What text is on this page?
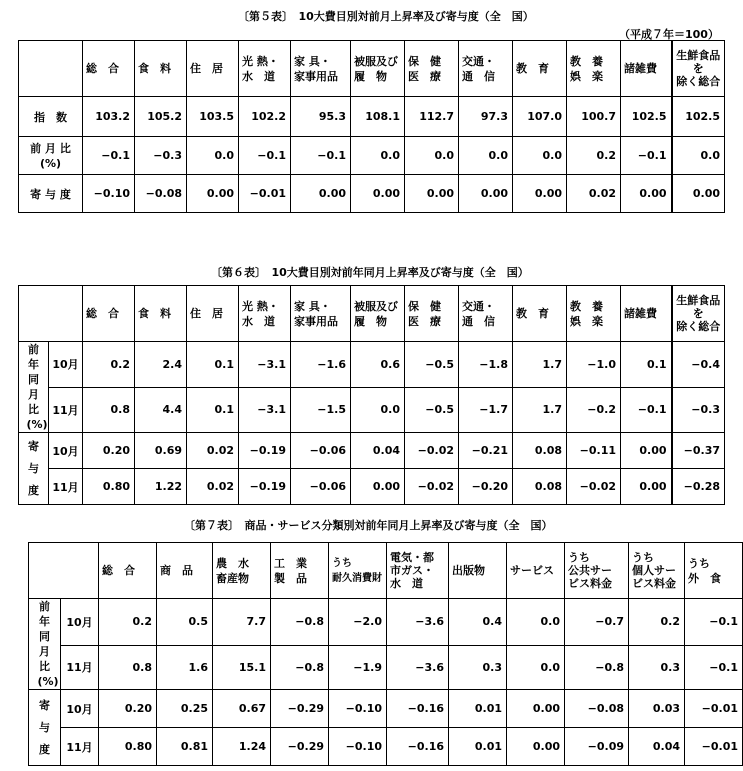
〔第５表〕　10大費目別対前月上昇率及び寄与度（全　国）
（平成７年＝100）

	総　合	食　料	住　居	光 熱・
水　道	家 具・
家事用品	被服及び
履　物	保　健
医　療	交通・
通　信	教　育	教　養
娯　楽	諸雑費	生鮮食品
を
除く総合

指　数	103.2	105.2	103.5	102.2	95.3	108.1	112.7	97.3	107.0	100.7	102.5	102.5

前 月 比
(%)	−0.1	−0.3	0.0	−0.1	−0.1	0.0	0.0	0.0	0.0	0.2	−0.1	0.0
寄 与 度	−0.10	−0.08	0.00	−0.01	0.00	0.00	0.00	0.00	0.00	0.02	0.00	0.00
〔第６表〕　10大費目別対前年同月上昇率及び寄与度（全　国）

		総　合	食　料	住　居	光 熱・
水　道	家 具・
家事用品	被服及び
履　物	保　健
医　療	交通・
通　信	教　育	教　養
娯　楽	諸雑費	生鮮食品
を
除く総合

前年同月比(%)	10月	0.2	2.4	0.1	−3.1	−1.6	0.6	−0.5	−1.8	1.7	−1.0	0.1	−0.4
	11月	0.8	4.4	0.1	−3.1	−1.5	0.0	−0.5	−1.7	1.7	−0.2	−0.1	−0.3

寄与度	10月	0.20	0.69	0.02	−0.19	−0.06	0.04	−0.02	−0.21	0.08	−0.11	0.00	−0.37
	11月	0.80	1.22	0.02	−0.19	−0.06	0.00	−0.02	−0.20	0.08	−0.02	0.00	−0.28
〔第７表〕　商品・サービス分類別対前年同月上昇率及び寄与度（全　国）

		総　合	商　品	農　水
畜産物	工　業
製　品	うち
耐久消費財	電気・都
市ガス・
水　道	出版物	サービス	うち
公共サー
ビス料金	うち
個人サー
ビス料金	うち
外　食

前年同月比(%)	10月	0.2	0.5	7.7	−0.8	−2.0	−3.6	0.4	0.0	−0.7	0.2	−0.1
	11月	0.8	1.6	15.1	−0.8	−1.9	−3.6	0.3	0.0	−0.8	0.3	−0.1

寄与度	10月	0.20	0.25	0.67	−0.29	−0.10	−0.16	0.01	0.00	−0.08	0.03	−0.01
	11月	0.80	0.81	1.24	−0.29	−0.10	−0.16	0.01	0.00	−0.09	0.04	−0.01
